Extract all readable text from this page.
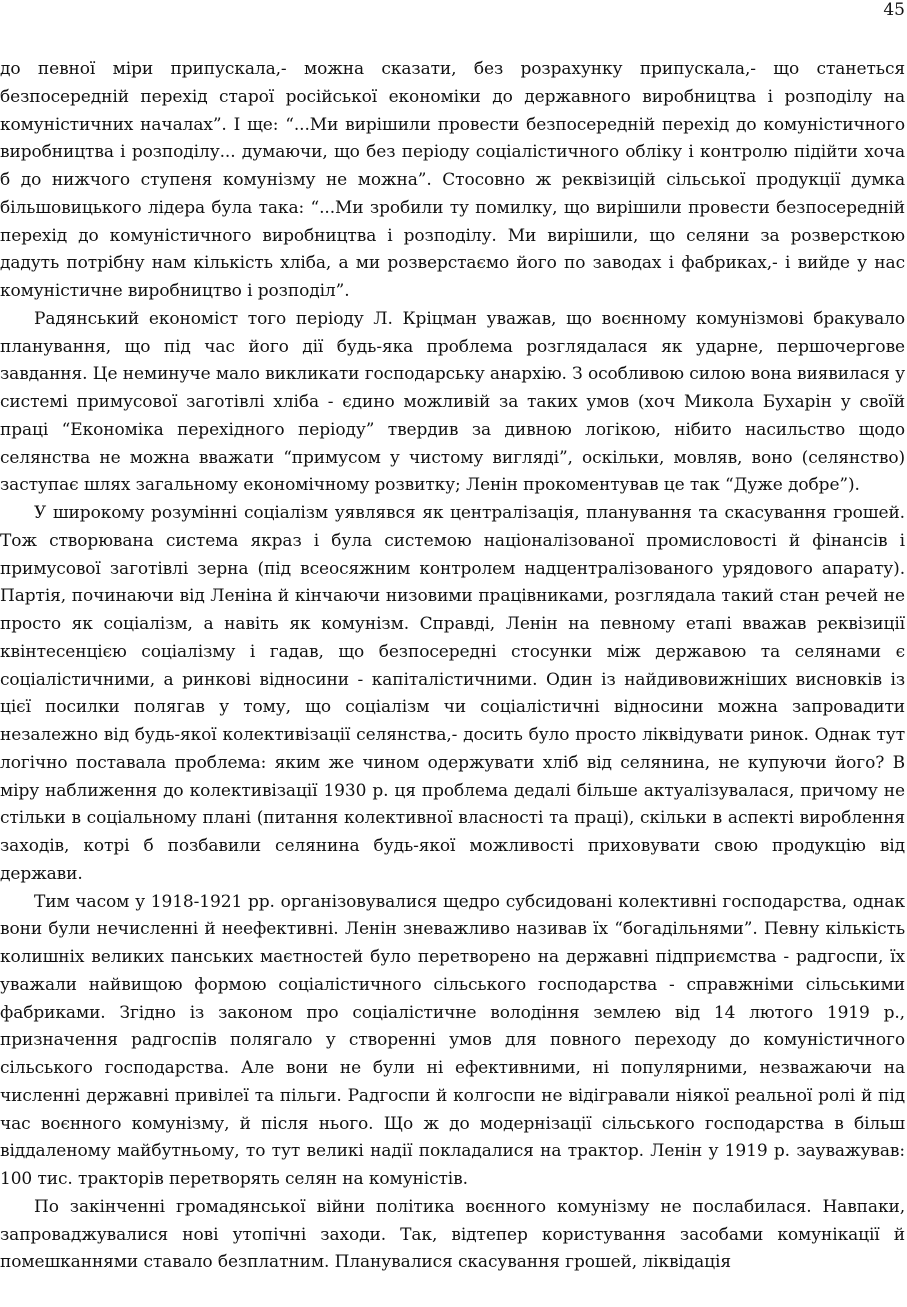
45

до певної міри припускала,- можна сказати, без розрахунку припускала,- що станеться безпосередній перехід старої російської економіки до державного виробництва і розподілу на комуністичних началах”. І ще: “...Ми вирішили провести безпосередній перехід до комуністичного виробництва і розподілу... думаючи, що без періоду соціалістичного обліку і контролю підійти хоча б до нижчого ступеня комунізму не можна”. Стосовно ж реквізицій сільської продукції думка більшовицького лідера була така: “...Ми зробили ту помилку, що вирішили провести безпосередній перехід до комуністичного виробництва і розподілу. Ми вирішили, що селяни за розверсткою дадуть потрібну нам кількість хліба, а ми розверстаємо його по заводах і фабриках,- і вийде у нас комуністичне виробництво і розподіл”.

Радянський економіст того періоду Л. Кріцман уважав, що воєнному комунізмові бракувало планування, що під час його дії будь-яка проблема розглядалася як ударне, першочергове завдання. Це неминуче мало викликати господарську анархію. З особливою силою вона виявилася у системі примусової заготівлі хліба - єдино можливій за таких умов (хоч Микола Бухарін у своїй праці “Економіка перехідного періоду” твердив за дивною логікою, нібито насильство щодо селянства не можна вважати “примусом у чистому вигляді”, оскільки, мовляв, воно (селянство) заступає шлях загальному економічному розвитку; Ленін прокоментував це так “Дуже добре”).

У широкому розумінні соціалізм уявлявся як централізація, планування та скасування грошей. Тож створювана система якраз і була системою націоналізованої промисловості й фінансів і примусової заготівлі зерна (під всеосяжним контролем надцентралізованого урядового апарату). Партія, починаючи від Леніна й кінчаючи низовими працівниками, розглядала такий стан речей не просто як соціалізм, а навіть як комунізм. Справді, Ленін на певному етапі вважав реквізиції квінтесенцією соціалізму і гадав, що безпосередні стосунки між державою та селянами є соціалістичними, а ринкові відносини - капіталістичними. Один із найдивовижніших висновків із цієї посилки полягав у тому, що соціалізм чи соціалістичні відносини можна запровадити незалежно від будь-якої колективізації селянства,- досить було просто ліквідувати ринок. Однак тут логічно поставала проблема: яким же чином одержувати хліб від селянина, не купуючи його? В міру наближення до колективізації 1930 р. ця проблема дедалі більше актуалізувалася, причому не стільки в соціальному плані (питання колективної власності та праці), скільки в аспекті вироблення заходів, котрі б позбавили селянина будь-якої можливості приховувати свою продукцію від держави.

Тим часом у 1918-1921 рр. організовувалися щедро субсидовані колективні господарства, однак вони були нечисленні й неефективні. Ленін зневажливо називав їх “богадільнями”. Певну кількість колишніх великих панських маєтностей було перетворено на державні підприємства - радгоспи, їх уважали найвищою формою соціалістичного сільського господарства - справжніми сільськими фабриками. Згідно із законом про соціалістичне володіння землею від 14 лютого 1919 р., призначення радгоспів полягало у створенні умов для повного переходу до комуністичного сільського господарства. Але вони не були ні ефективними, ні популярними, незважаючи на численні державні привілеї та пільги. Радгоспи й колгоспи не відігравали ніякої реальної ролі й під час воєнного комунізму, й після нього. Що ж до модернізації сільського господарства в більш віддаленому майбутньому, то тут великі надії покладалися на трактор. Ленін у 1919 р. зауважував: 100 тис. тракторів перетворять селян на комуністів.

По закінченні громадянської війни політика воєнного комунізму не послабилася. Навпаки, запроваджувалися нові утопічні заходи. Так, відтепер користування засобами комунікації й помешканнями ставало безплатним. Планувалися скасування грошей, ліквідація
